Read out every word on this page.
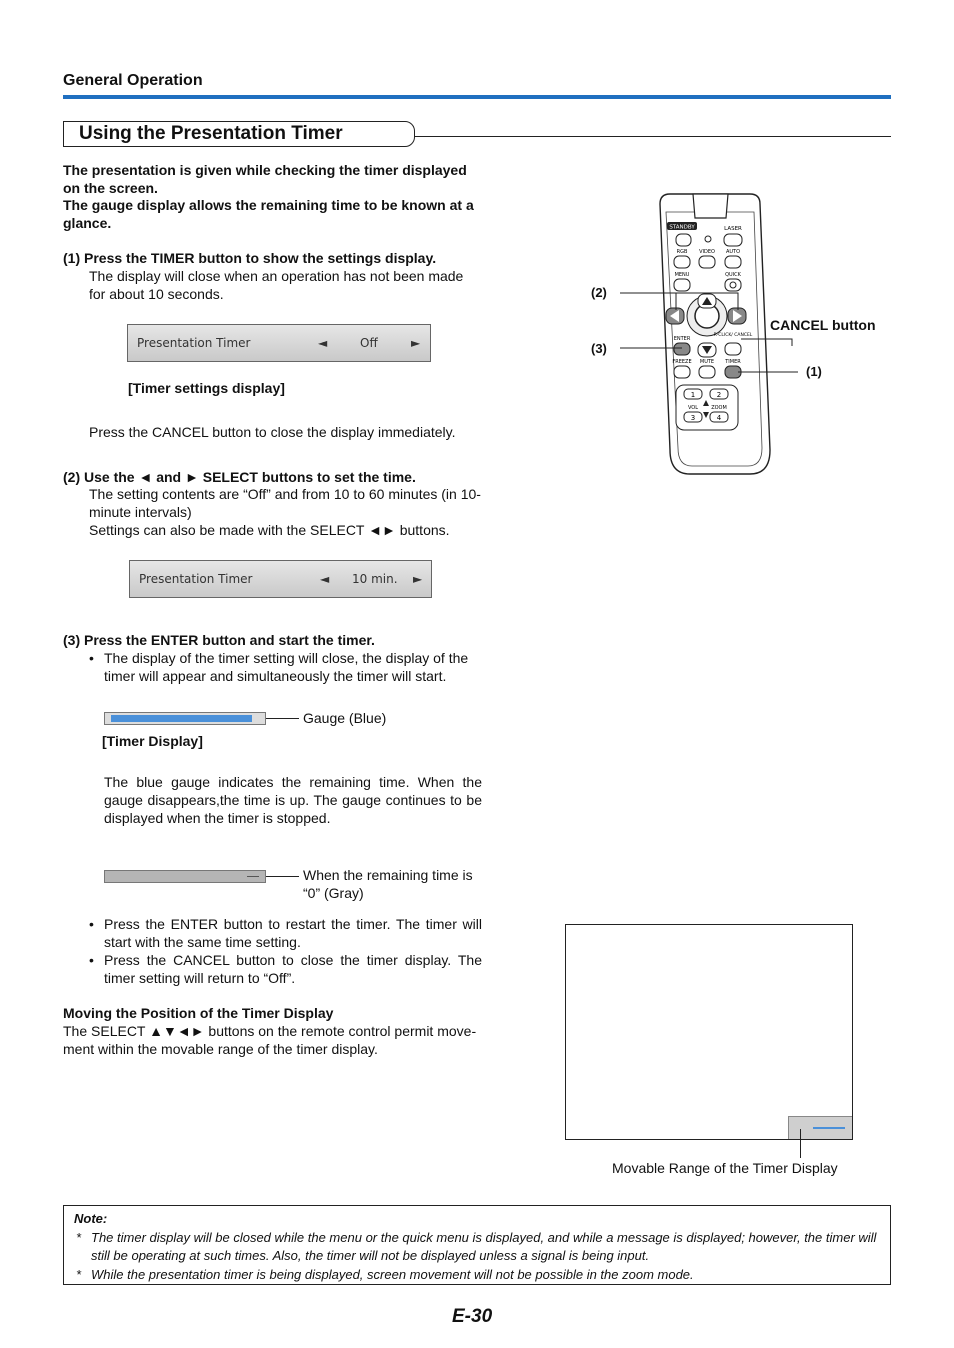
General Operation
Using the Presentation Timer
The presentation is given while checking the timer displayed on the screen.
The gauge display allows the remaining time to be known at a glance.
(1) Press the TIMER button to show the settings display.
The display will close when an operation has not been made for about 10 seconds.
Presentation Timer	◄	Off	►
[Timer settings display]
Press the CANCEL button to close the display immediately.
(2) Use the ◄ and ► SELECT buttons to set the time.
The setting contents are “Off” and from 10 to 60 minutes (in 10-minute intervals)
Settings can also be made with the SELECT ◄► buttons.
Presentation Timer	◄ 10 min. ►
(3) Press the ENTER button and start the timer.
• The display of the timer setting will close, the display of the timer will appear and simultaneously the timer will start.
Gauge (Blue)
[Timer Display]
The blue gauge indicates the remaining time. When the gauge disappears,the time is up. The gauge continues to be displayed when the timer is stopped.
When the remaining time is “0” (Gray)
• Press the ENTER button to restart the timer. The timer will start with the same time setting.
• Press the CANCEL button to close the timer display. The timer setting will return to “Off”.
Moving the Position of the Timer Display
The SELECT ▲▼◄► buttons on the remote control permit move-ment within the movable range of the timer display.
STANDBY	LASER
RGB VIDEO AUTO
MENU	QUICK
ENTER
R-CLICK/ CANCEL
FREEZE MUTE TIMER
1	2
VOL	ZOOM
3	4
(2)
(3)
CANCEL button
(1)
Movable Range of the Timer Display
Note:
* The timer display will be closed while the menu or the quick menu is displayed, and while a message is displayed; however, the timer will still be operating at such times. Also, the timer will not be displayed unless a signal is being input.
* While the presentation timer is being displayed, screen movement will not be possible in the zoom mode.
E-30
